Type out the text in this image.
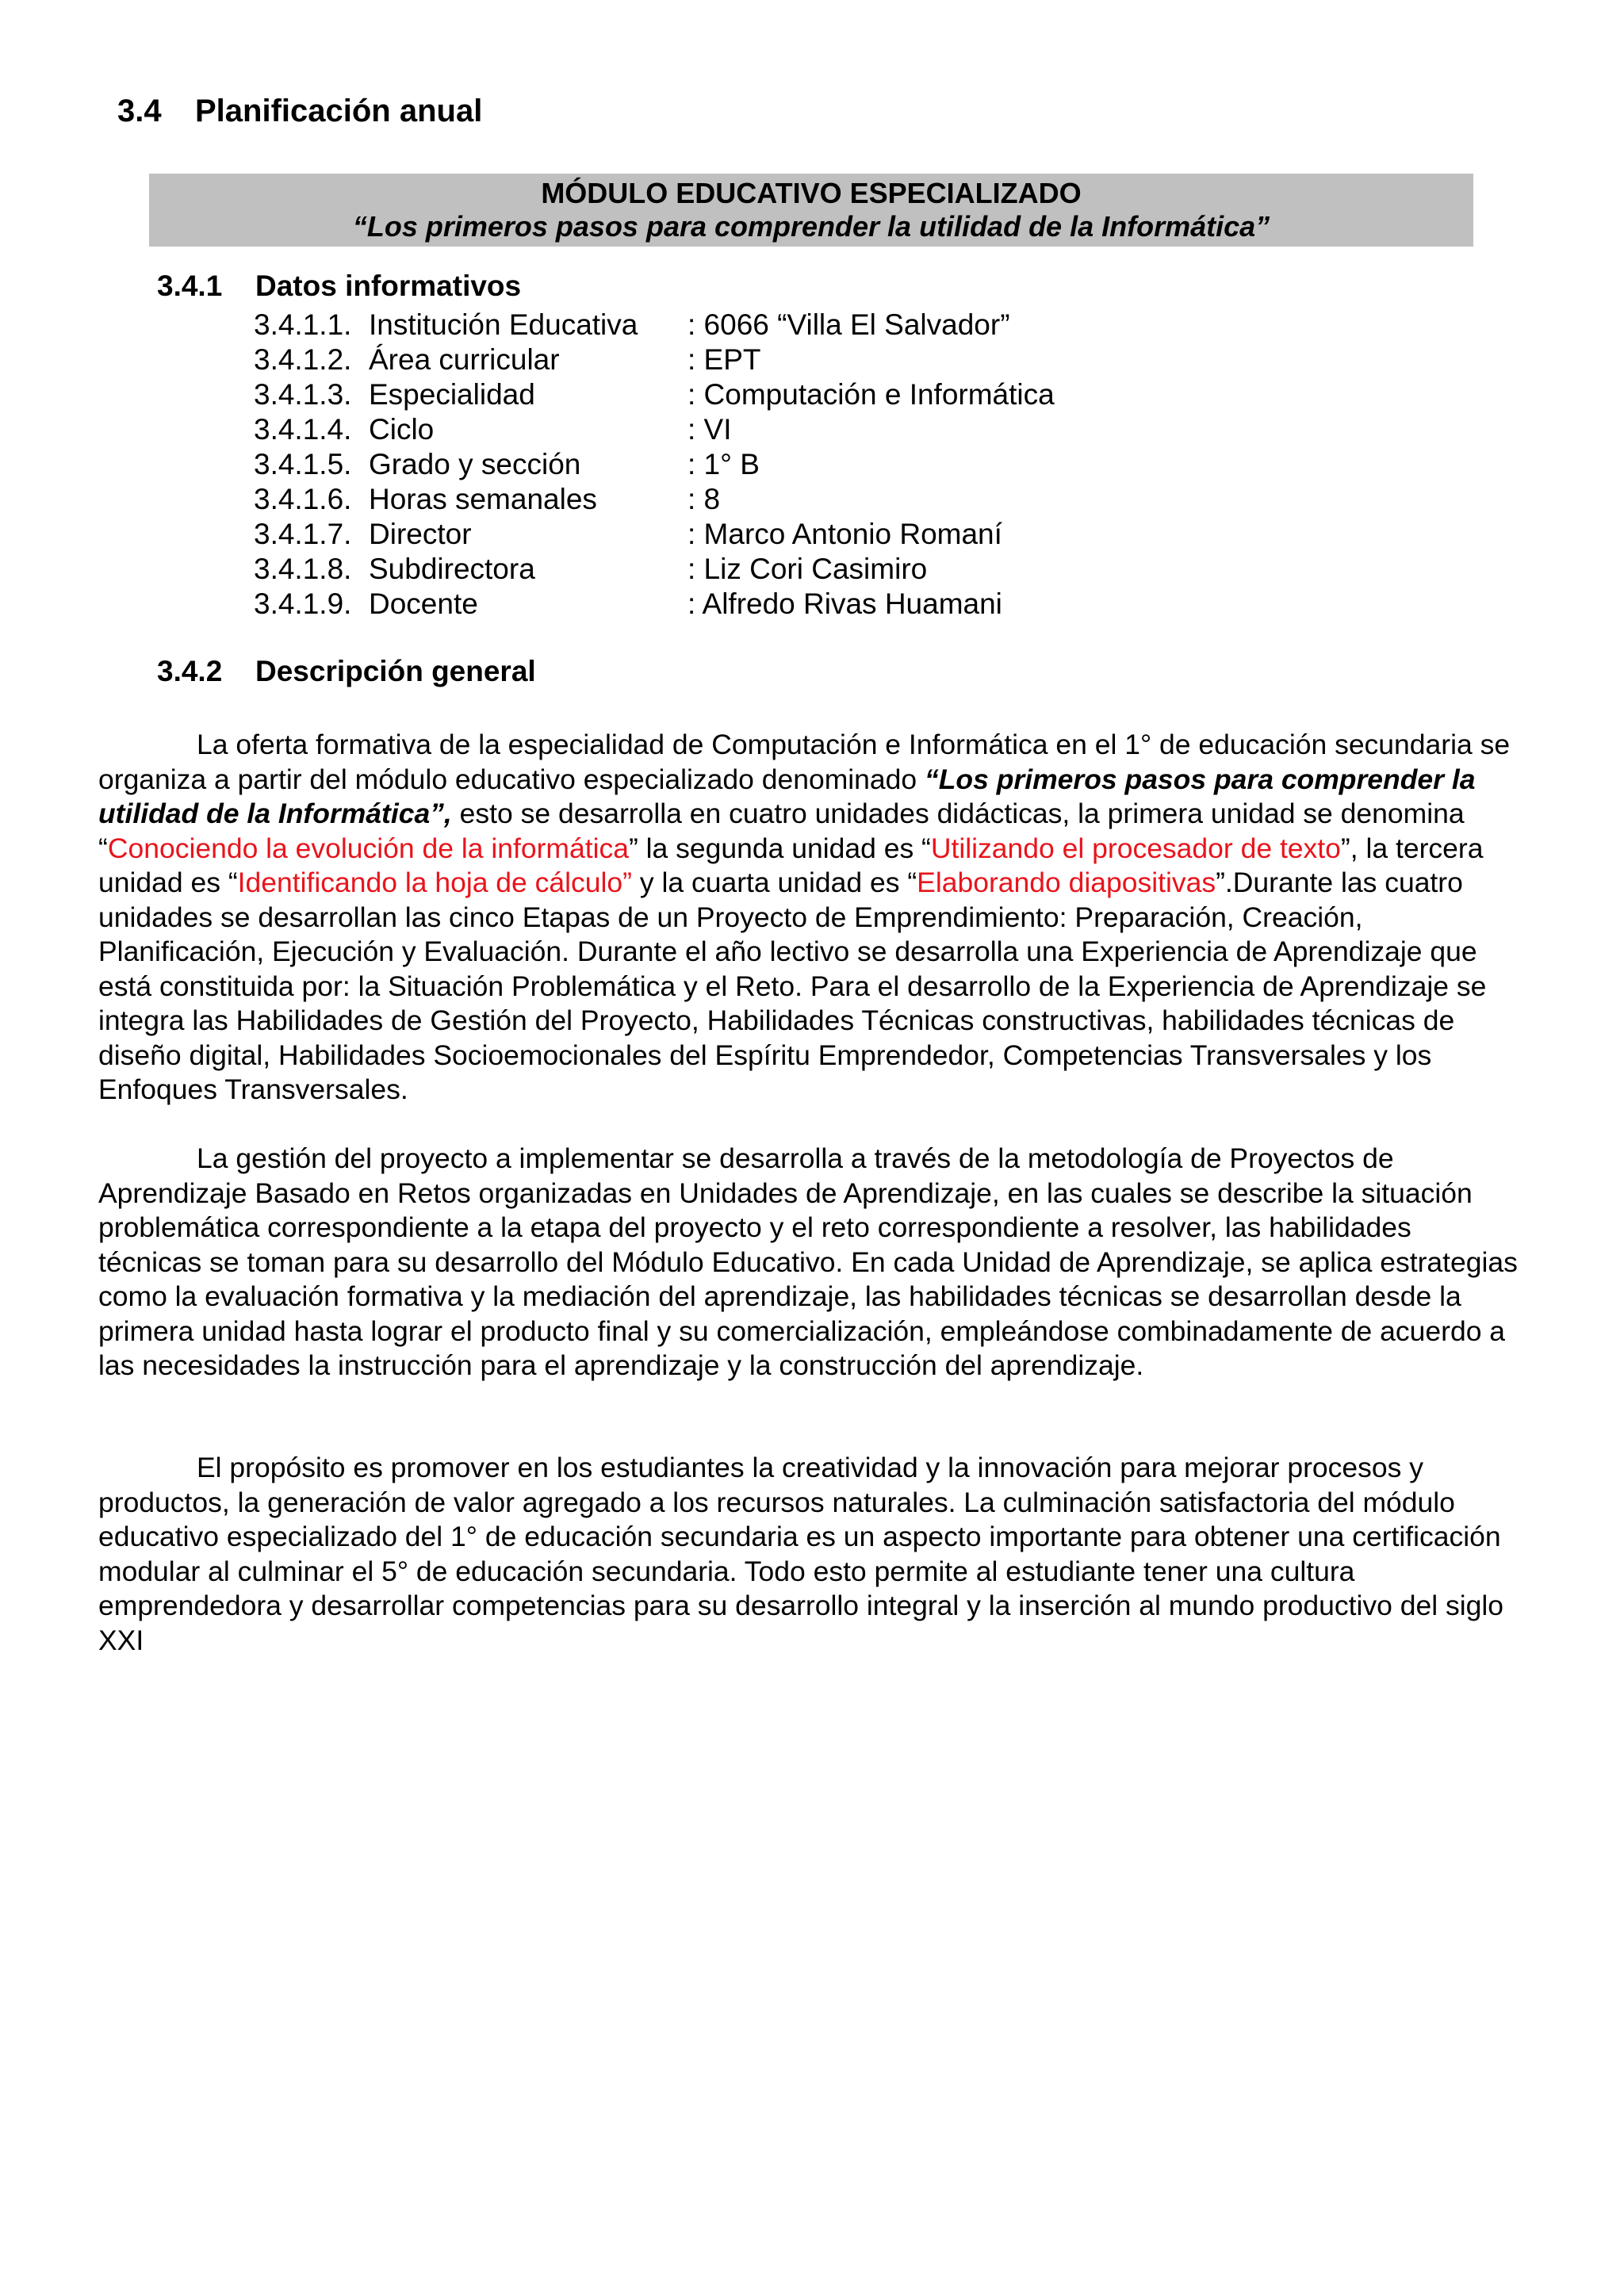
3.4 Planificación anual
MÓDULO EDUCATIVO ESPECIALIZADO
“Los primeros pasos para comprender la utilidad de la Informática”
3.4.1 Datos informativos
3.4.1.1. Institución Educativa : 6066 “Villa El Salvador”
3.4.1.2. Área curricular	: EPT
3.4.1.3. Especialidad	: Computación e Informática
3.4.1.4. Ciclo	: VI
3.4.1.5. Grado y sección	: 1° B
3.4.1.6. Horas semanales	: 8
3.4.1.7. Director	: Marco Antonio Romaní
3.4.1.8. Subdirectora	: Liz Cori Casimiro
3.4.1.9. Docente	: Alfredo Rivas Huamani
3.4.2 Descripción general

La oferta formativa de la especialidad de Computación e Informática en el 1° de educación secundaria se organiza a partir del módulo educativo especializado denominado “Los primeros pasos para comprender la utilidad de la Informática”, esto se desarrolla en cuatro unidades didácticas, la primera unidad se denomina “Conociendo la evolución de la informática” la segunda unidad es “Utilizando el procesador de texto”, la tercera unidad es “Identificando la hoja de cálculo” y la cuarta unidad es “Elaborando diapositivas”.Durante las cuatro unidades se desarrollan las cinco Etapas de un Proyecto de Emprendimiento: Preparación, Creación, Planificación, Ejecución y Evaluación. Durante el año lectivo se desarrolla una Experiencia de Aprendizaje que está constituida por: la Situación Problemática y el Reto. Para el desarrollo de la Experiencia de Aprendizaje se integra las Habilidades de Gestión del Proyecto, Habilidades Técnicas constructivas, habilidades técnicas de diseño digital, Habilidades Socioemocionales del Espíritu Emprendedor, Competencias Transversales y los Enfoques Transversales.

La gestión del proyecto a implementar se desarrolla a través de la metodología de Proyectos de Aprendizaje Basado en Retos organizadas en Unidades de Aprendizaje, en las cuales se describe la situación problemática correspondiente a la etapa del proyecto y el reto correspondiente a resolver, las habilidades técnicas se toman para su desarrollo del Módulo Educativo. En cada Unidad de Aprendizaje, se aplica estrategias como la evaluación formativa y la mediación del aprendizaje, las habilidades técnicas se desarrollan desde la primera unidad hasta lograr el producto final y su comercialización, empleándose combinadamente de acuerdo a las necesidades la instrucción para el aprendizaje y la construcción del aprendizaje.

El propósito es promover en los estudiantes la creatividad y la innovación para mejorar procesos y productos, la generación de valor agregado a los recursos naturales. La culminación satisfactoria del módulo educativo especializado del 1° de educación secundaria es un aspecto importante para obtener una certificación modular al culminar el 5° de educación secundaria. Todo esto permite al estudiante tener una cultura emprendedora y desarrollar competencias para su desarrollo integral y la inserción al mundo productivo del siglo XXI
